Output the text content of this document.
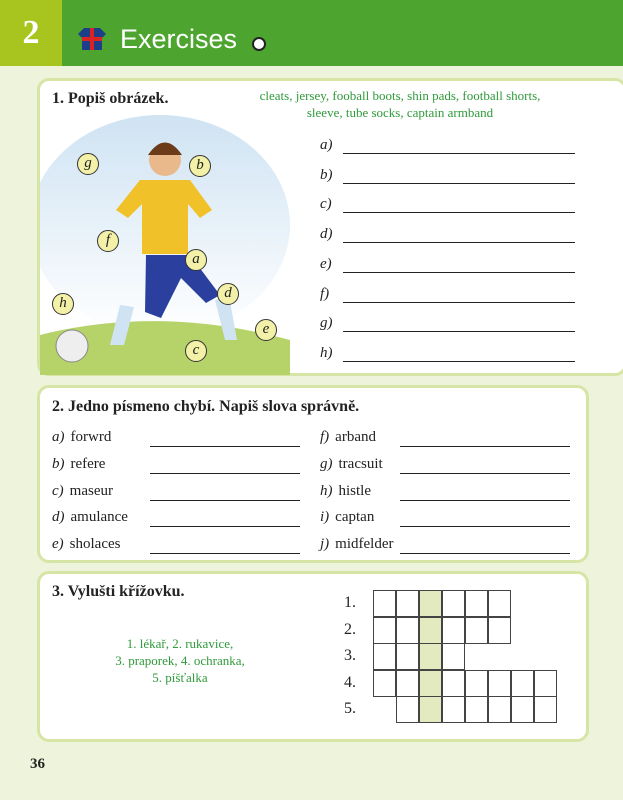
2	Exercises
1. Popiš obrázek.	cleats, jersey, fooball boots, shin pads, football shorts,
sleeve, tube socks, captain armband
g	b
f
a
d
h
e
c
a)
b)
c)
d)
e)
f)
g)
h)
2. Jedno písmeno chybí. Napiš slova správně.
a) forwrd
b) refere
c) maseur
d) amulance
e) sholaces
f) arband
g) tracsuit
h) histle
i) captan
j) midfelder
3. Vylušti křížovku.
1. lékař, 2. rukavice,
3. praporek, 4. ochranka,
5. píšťalka
1.
2.
3.
4.
5.
36
